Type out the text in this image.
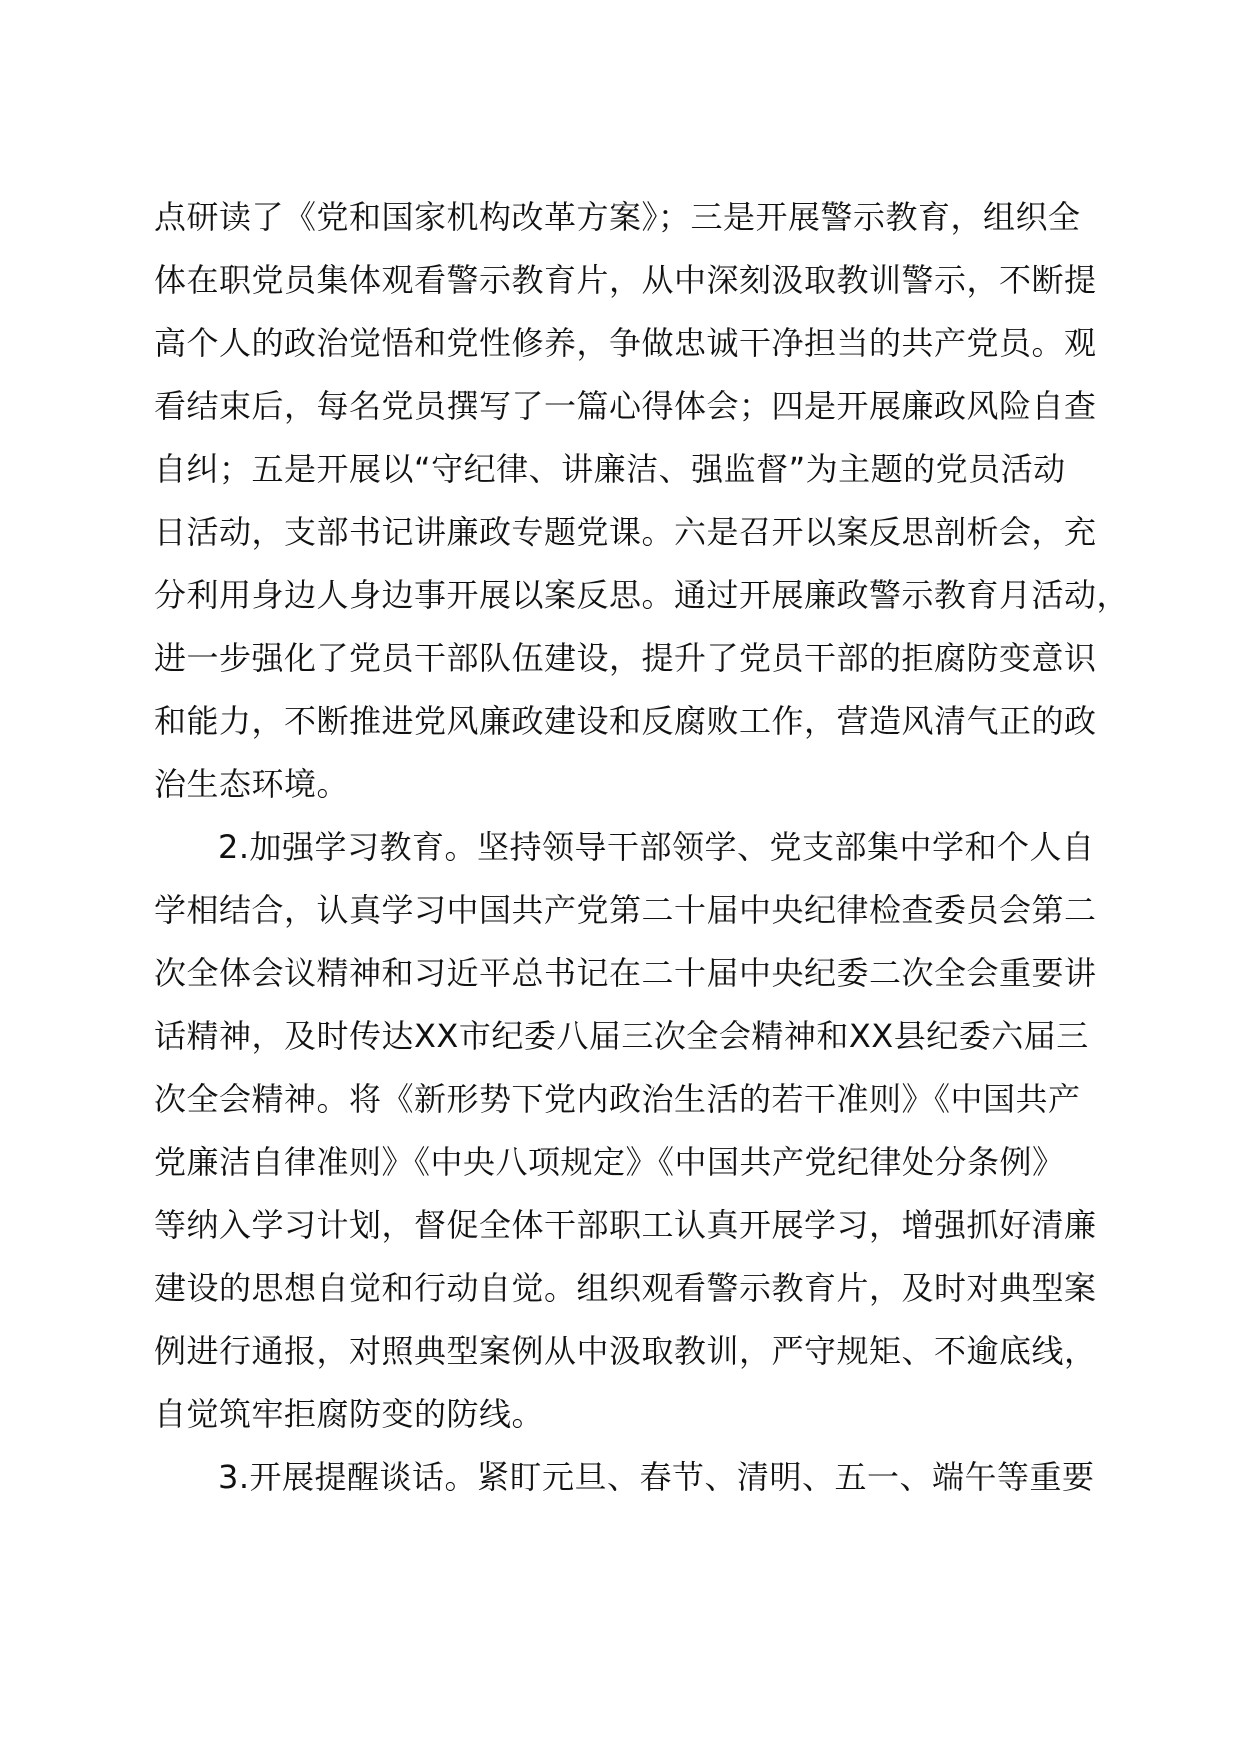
点研读了《党和国家机构改革方案》；三是开展警示教育，组织全
体在职党员集体观看警示教育片，从中深刻汲取教训警示，不断提
高个人的政治觉悟和党性修养，争做忠诚干净担当的共产党员。观
看结束后，每名党员撰写了一篇心得体会；四是开展廉政风险自查
自纠；五是开展以“守纪律、讲廉洁、强监督”为主题的党员活动
日活动，支部书记讲廉政专题党课。六是召开以案反思剖析会，充
分利用身边人身边事开展以案反思。通过开展廉政警示教育月活动，
进一步强化了党员干部队伍建设，提升了党员干部的拒腐防变意识
和能力，不断推进党风廉政建设和反腐败工作，营造风清气正的政
治生态环境。
2.加强学习教育。坚持领导干部领学、党支部集中学和个人自
学相结合，认真学习中国共产党第二十届中央纪律检查委员会第二
次全体会议精神和习近平总书记在二十届中央纪委二次全会重要讲
话精神，及时传达XX市纪委八届三次全会精神和XX县纪委六届三
次全会精神。将《新形势下党内政治生活的若干准则》《中国共产
党廉洁自律准则》《中央八项规定》《中国共产党纪律处分条例》
等纳入学习计划，督促全体干部职工认真开展学习，增强抓好清廉
建设的思想自觉和行动自觉。组织观看警示教育片，及时对典型案
例进行通报，对照典型案例从中汲取教训，严守规矩、不逾底线，
自觉筑牢拒腐防变的防线。
3.开展提醒谈话。紧盯元旦、春节、清明、五一、端午等重要
